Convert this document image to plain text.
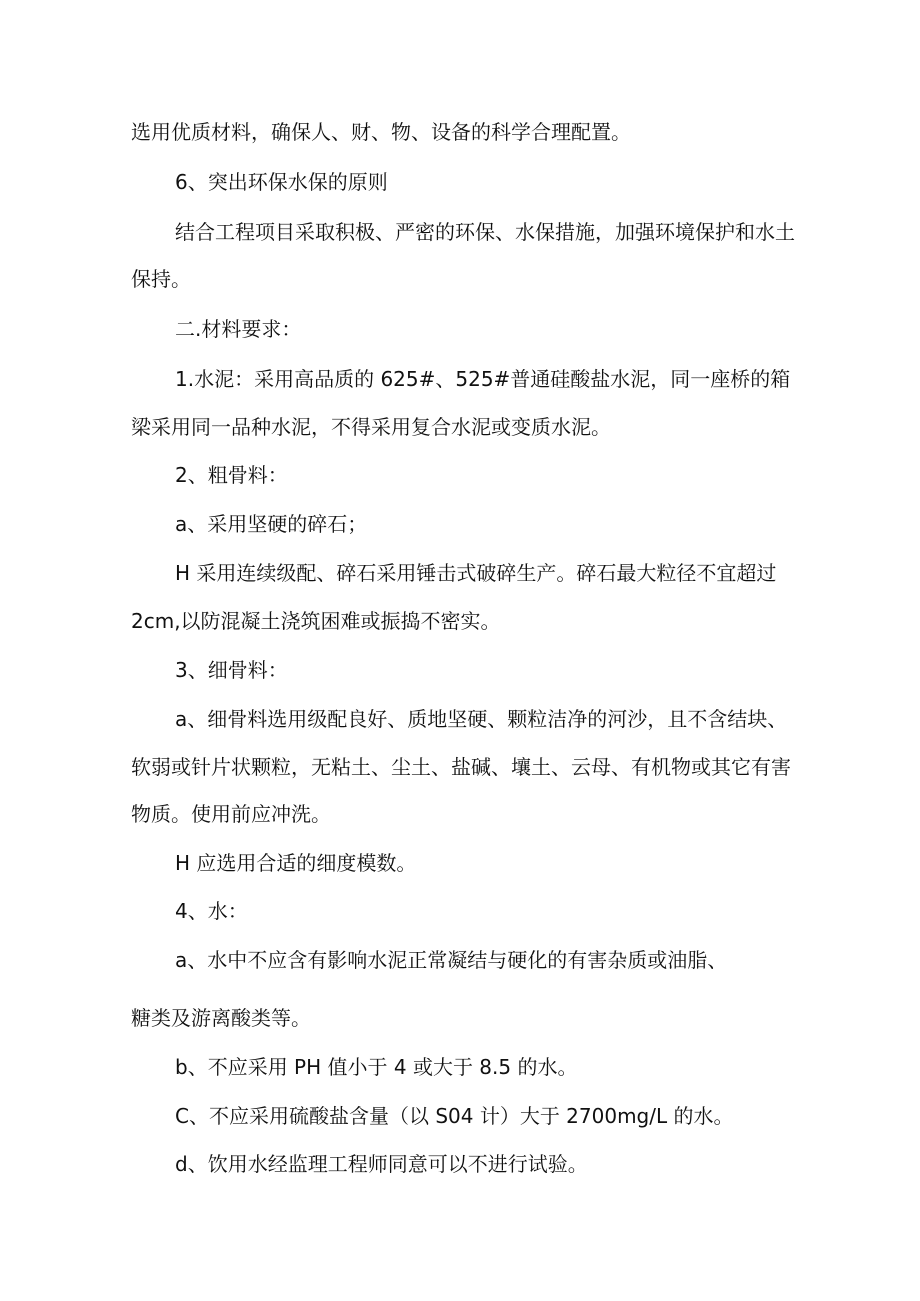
选用优质材料，确保人、财、物、设备的科学合理配置。
6、突出环保水保的原则
结合工程项目采取积极、严密的环保、水保措施，加强环境保护和水土
保持。
二.材料要求：
1.水泥：采用高品质的 625#、525#普通硅酸盐水泥，同一座桥的箱
梁采用同一品种水泥，不得采用复合水泥或变质水泥。
2、粗骨料：
a、采用坚硬的碎石；
H 采用连续级配、碎石采用锤击式破碎生产。碎石最大粒径不宜超过
2cm,以防混凝土浇筑困难或振捣不密实。
3、细骨料：
a、细骨料选用级配良好、质地坚硬、颗粒洁净的河沙，且不含结块、
软弱或针片状颗粒，无粘土、尘土、盐碱、壤土、云母、有机物或其它有害
物质。使用前应冲洗。
H 应选用合适的细度模数。
4、水：
a、水中不应含有影响水泥正常凝结与硬化的有害杂质或油脂、
糖类及游离酸类等。
b、不应采用 PH 值小于 4 或大于 8.5 的水。
C、不应采用硫酸盐含量（以 S04 计）大于 2700mg/L 的水。
d、饮用水经监理工程师同意可以不进行试验。
